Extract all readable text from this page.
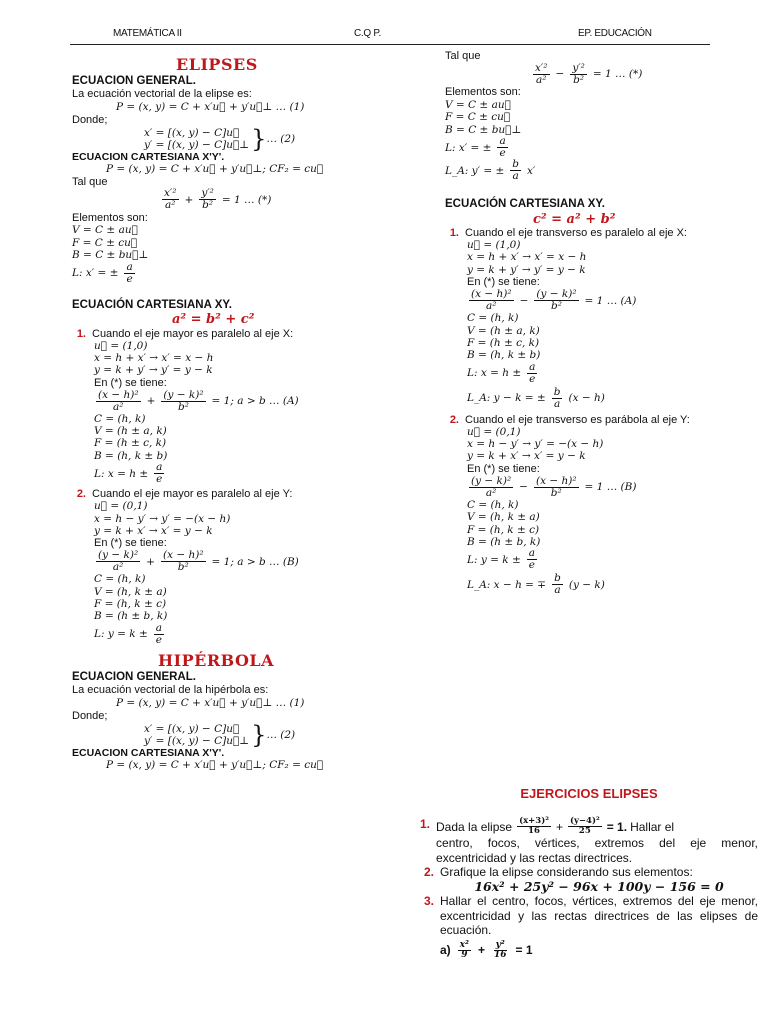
MATEMÁTICA II	C.Q P.	EP. EDUCACIÓN

ELIPSES

ECUACION GENERAL.

La ecuación vectorial de la elipse es:

P = (x, y) = C + x′u⃗ + y′u⃗⊥ … (1)

Donde;

x′ = [(x, y) − C]u⃗
y′ = [(x, y) − C]u⃗⊥ } … (2)

ECUACION CARTESIANA X'Y'.

P = (x, y) = C + x′u⃗ + y′u⃗⊥; CF₂ = cu⃗

Tal que

$\frac{\text{x′²}}{\text{a²}} + \frac{\text{y′²}}{\text{b²}} = 1$ … (*)

Elementos son:

V = C ± au⃗

F = C ± cu⃗

B = C ± bu⃗⊥

L: x′ = ± $\frac{a}{e}$

ECUACIÓN CARTESIANA XY.

a² = b² + c²

1. Cuando el eje mayor es paralelo al eje X:

u⃗ = (1,0)

x = h + x′ → x′ = x − h

y = k + y′ → y′ = y − k

En (*) se tiene:

$\frac{\text{(x − h)²}}{\text{a²}} + \frac{\text{(y − k)²}}{\text{b²}} = 1$; a > b … (A)

C = (h, k)

V = (h ± a, k)

F = (h ± c, k)

B = (h, k ± b)

L: $x = h \pm \frac{a}{e}$
2. Cuando el eje mayor es paralelo al eje Y:

u⃗ = (0,1)

x = h − y′ → y′ = −(x − h)

y = k + x′ → x′ = y − k

En (*) se tiene:

$\frac{\text{(y − k)²}}{\text{a²}} + \frac{\text{(x − h)²}}{\text{b²}} = 1$; a > b … (B)

C = (h, k)

V = (h, k ± a)

F = (h, k ± c)

B = (h ± b, k)

L: $y = k \pm \frac{a}{e}$

HIPÉRBOLA

ECUACION GENERAL.

La ecuación vectorial de la hipérbola es:

P = (x, y) = C + x′u⃗ + y′u⃗⊥ … (1)

Donde;

x′ = [(x, y) − C]u⃗
y′ = [(x, y) − C]u⃗⊥ } … (2)

ECUACION CARTESIANA X'Y'.

P = (x, y) = C + x′u⃗ + y′u⃗⊥; CF₂ = cu⃗

Tal que

$\frac{\text{x′²}}{\text{a²}} - \frac{\text{y′²}}{\text{b²}} = 1$ … (*)

Elementos son:

V = C ± au⃗

F = C ± cu⃗

B = C ± bu⃗⊥

L: x′ = ± $\frac{a}{e}$
L_A: y′ = ± $\frac{b}{a} x'$

ECUACIÓN CARTESIANA XY.

c² = a² + b²

1. Cuando el eje transverso es paralelo al eje X:

u⃗ = (1,0)

x = h + x′ → x′ = x − h

y = k + y′ → y′ = y − k

En (*) se tiene:

$\frac{\text{(x − h)²}}{\text{a²}} - \frac{\text{(y − k)²}}{\text{b²}} = 1$ … (A)

C = (h, k)

V = (h ± a, k)

F = (h ± c, k)

B = (h, k ± b)

L: $x = h \pm \frac{a}{e}$
L_A: y − k = ± $\frac{b}{a} (x - h)$
2. Cuando el eje transverso es parábola al eje Y:

u⃗ = (0,1)

x = h − y′ → y′ = −(x − h)

y = k + x′ → x′ = y − k

En (*) se tiene:

$\frac{\text{(y − k)²}}{\text{a²}} - \frac{\text{(x − h)²}}{\text{b²}} = 1$ … (B)

C = (h, k)

V = (h, k ± a)

F = (h, k ± c)

B = (h ± b, k)

L: $y = k \pm \frac{a}{e}$
L_A: x − h = ∓ $\frac{b}{a} (y - k)$

EJERCICIOS ELIPSES

1. Dada la elipse $\frac{\text{(x+3)²}}{16} + \frac{\text{(y−4)²}}{25} = 1$. Hallar el
centro, focos, vértices, extremos del eje menor, excentricidad y las rectas directrices.
2. Grafique la elipse considerando sus elementos:
16x² + 25y² − 96x + 100y − 156 = 0
3. Hallar el centro, focos, vértices, extremos del eje menor, excentricidad y las rectas directrices de las elipses de ecuación.
$a) \frac{\text{x²}}{9} + \frac{\text{y²}}{16} = 1$
